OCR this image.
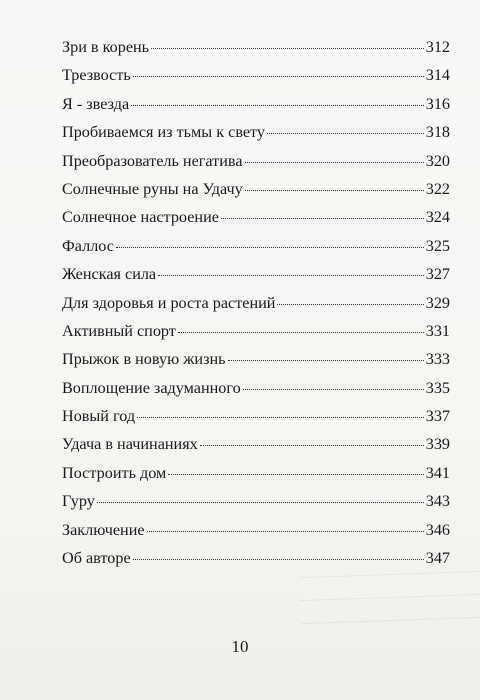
Зри в корень	312
Трезвость	314
Я - звезда	316
Пробиваемся из тьмы к свету	318
Преобразователь негатива	320
Солнечные руны на Удачу	322
Солнечное настроение	324
Фаллос	325
Женская сила	327
Для здоровья и роста растений	329
Активный спорт	331
Прыжок в новую жизнь	333
Воплощение задуманного	335
Новый год	337
Удача в начинаниях	339
Построить дом	341
Гуру	343
Заключение	346
Об авторе	347
10
